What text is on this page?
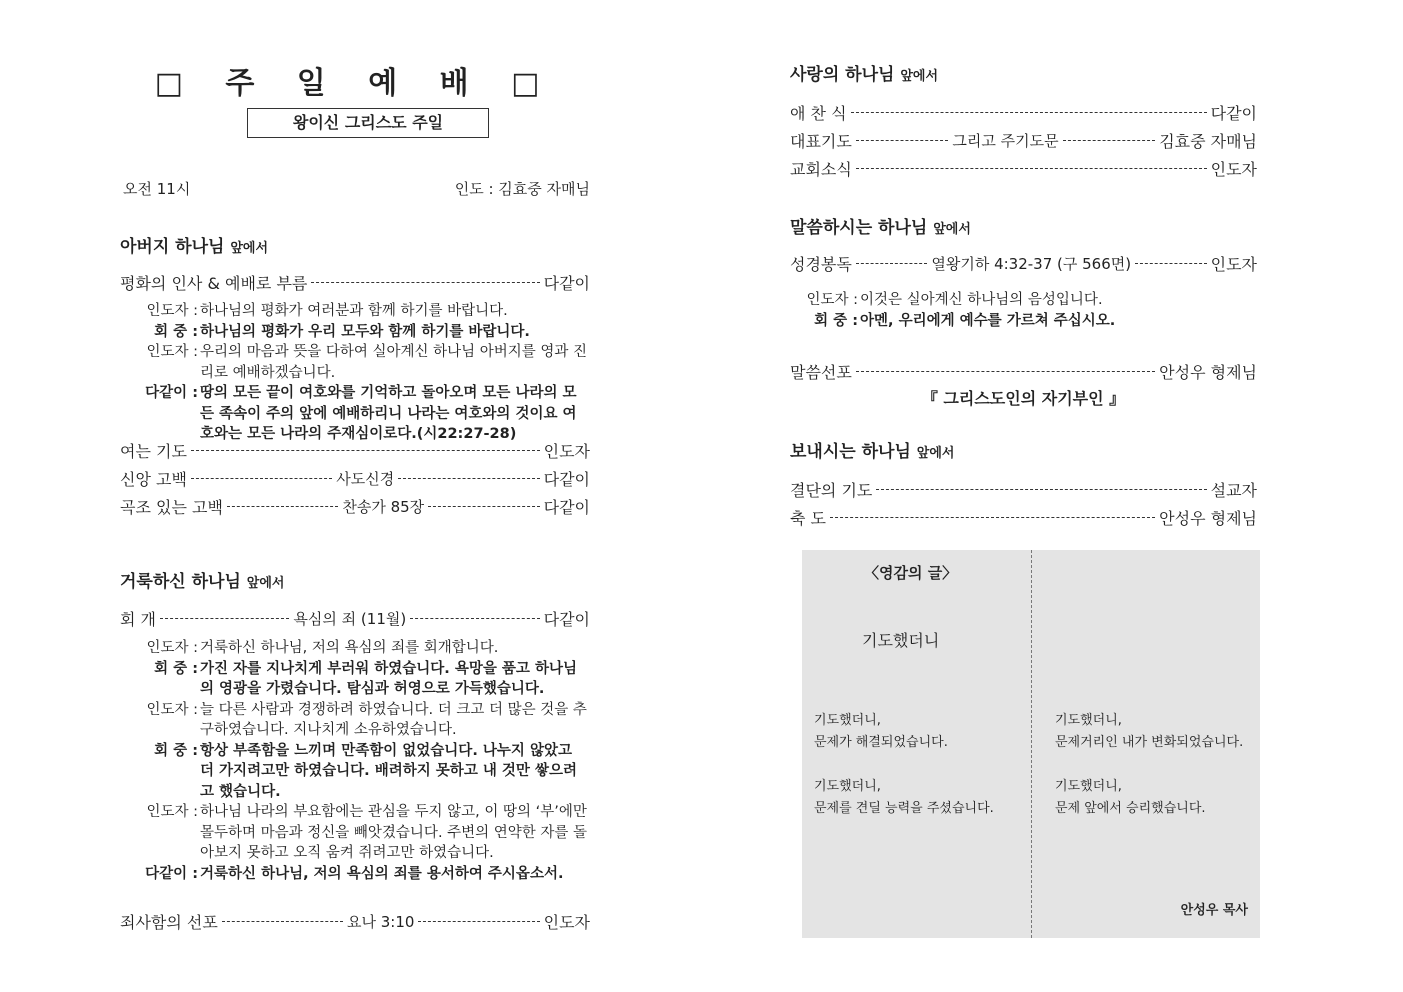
□ 주 일 예 배 □
왕이신 그리스도 주일
오전 11시	인도 : 김효중 자매님
아버지 하나님 앞에서
평화의 인사 & 예배로 부름	다같이
인도자 : 하나님의 평화가 여러분과 함께 하기를 바랍니다.
회 중 : 하나님의 평화가 우리 모두와 함께 하기를 바랍니다.
인도자 : 우리의 마음과 뜻을 다하여 실아계신 하나님 아버지를 영과 진리로 예배하겠습니다.
다같이 : 땅의 모든 끝이 여호와를 기억하고 돌아오며 모든 나라의 모든 족속이 주의 앞에 예배하리니 나라는 여호와의 것이요 여호와는 모든 나라의 주재심이로다.(시22:27-28)
여는 기도	인도자
신앙 고백	사도신경	다같이
곡조 있는 고백	찬송가 85장	다같이
거룩하신 하나님 앞에서
회 개	욕심의 죄 (11월)	다같이
인도자 : 거룩하신 하나님, 저의 욕심의 죄를 회개합니다.
회 중 : 가진 자를 지나치게 부러워 하였습니다. 욕망을 품고 하나님의 영광을 가렸습니다. 탐심과 허영으로 가득했습니다.
인도자 : 늘 다른 사람과 경쟁하려 하였습니다. 더 크고 더 많은 것을 추구하였습니다. 지나치게 소유하였습니다.
회 중 : 항상 부족함을 느끼며 만족함이 없었습니다. 나누지 않았고 더 가지려고만 하였습니다. 배려하지 못하고 내 것만 쌓으려고 했습니다.
인도자 : 하나님 나라의 부요함에는 관심을 두지 않고, 이 땅의 ‘부’에만 몰두하며 마음과 정신을 빼앗겼습니다. 주변의 연약한 자를 돌아보지 못하고 오직 움켜 쥐려고만 하였습니다.
다같이 : 거룩하신 하나님, 저의 욕심의 죄를 용서하여 주시옵소서.
죄사함의 선포	요나 3:10	인도자
사랑의 하나님 앞에서
애 찬 식	다같이
대표기도	그리고 주기도문	김효중 자매님
교회소식	인도자
말씀하시는 하나님 앞에서
성경봉독	열왕기하 4:32-37 (구 566면)	인도자
인도자 : 이것은 실아계신 하나님의 음성입니다.
회 중 : 아멘, 우리에게 예수를 가르쳐 주십시오.
말씀선포	안성우 형제님
『 그리스도인의 자기부인 』
보내시는 하나님 앞에서
결단의 기도	설교자
축 도	안성우 형제님
〈영감의 글〉
기도했더니
기도했더니,
문제가 해결되었습니다.

기도했더니,
문제를 견딜 능력을 주셨습니다.
기도했더니,
문제거리인 내가 변화되었습니다.

기도했더니,
문제 앞에서 승리했습니다.
안성우 목사
